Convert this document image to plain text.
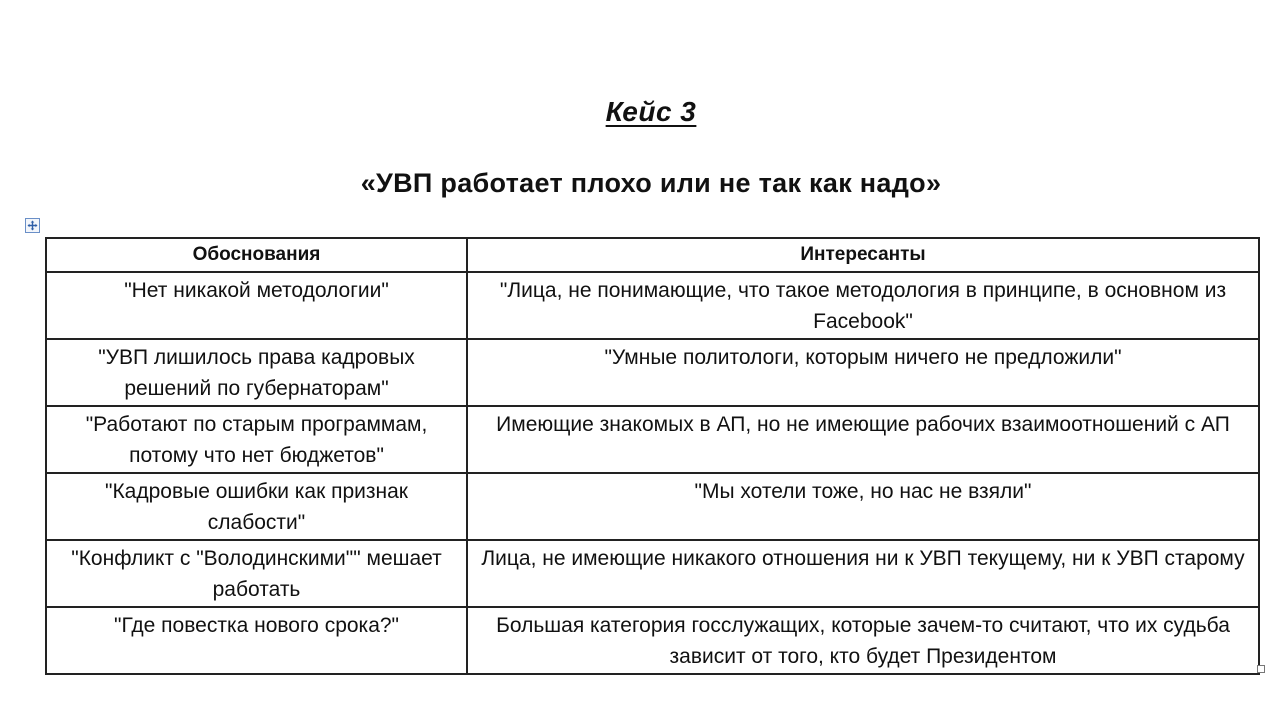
Кейс 3
«УВП работает плохо или не так как надо»
Обоснования	Интересанты
"Нет никакой методологии"	"Лица, не понимающие, что такое методология в принципе, в основном из Facebook"
"УВП лишилось права кадровых решений по губернаторам"	"Умные политологи, которым ничего не предложили"
"Работают по старым программам, потому что нет бюджетов"	Имеющие знакомых в АП, но не имеющие рабочих взаимоотношений с АП
"Кадровые ошибки как признак слабости"	"Мы хотели тоже, но нас не взяли"
"Конфликт с "Володинскими"" мешает работать	Лица, не имеющие никакого отношения ни к УВП текущему, ни к УВП старому
"Где повестка нового срока?"	Большая категория госслужащих, которые зачем-то считают, что их судьба зависит от того, кто будет Президентом
